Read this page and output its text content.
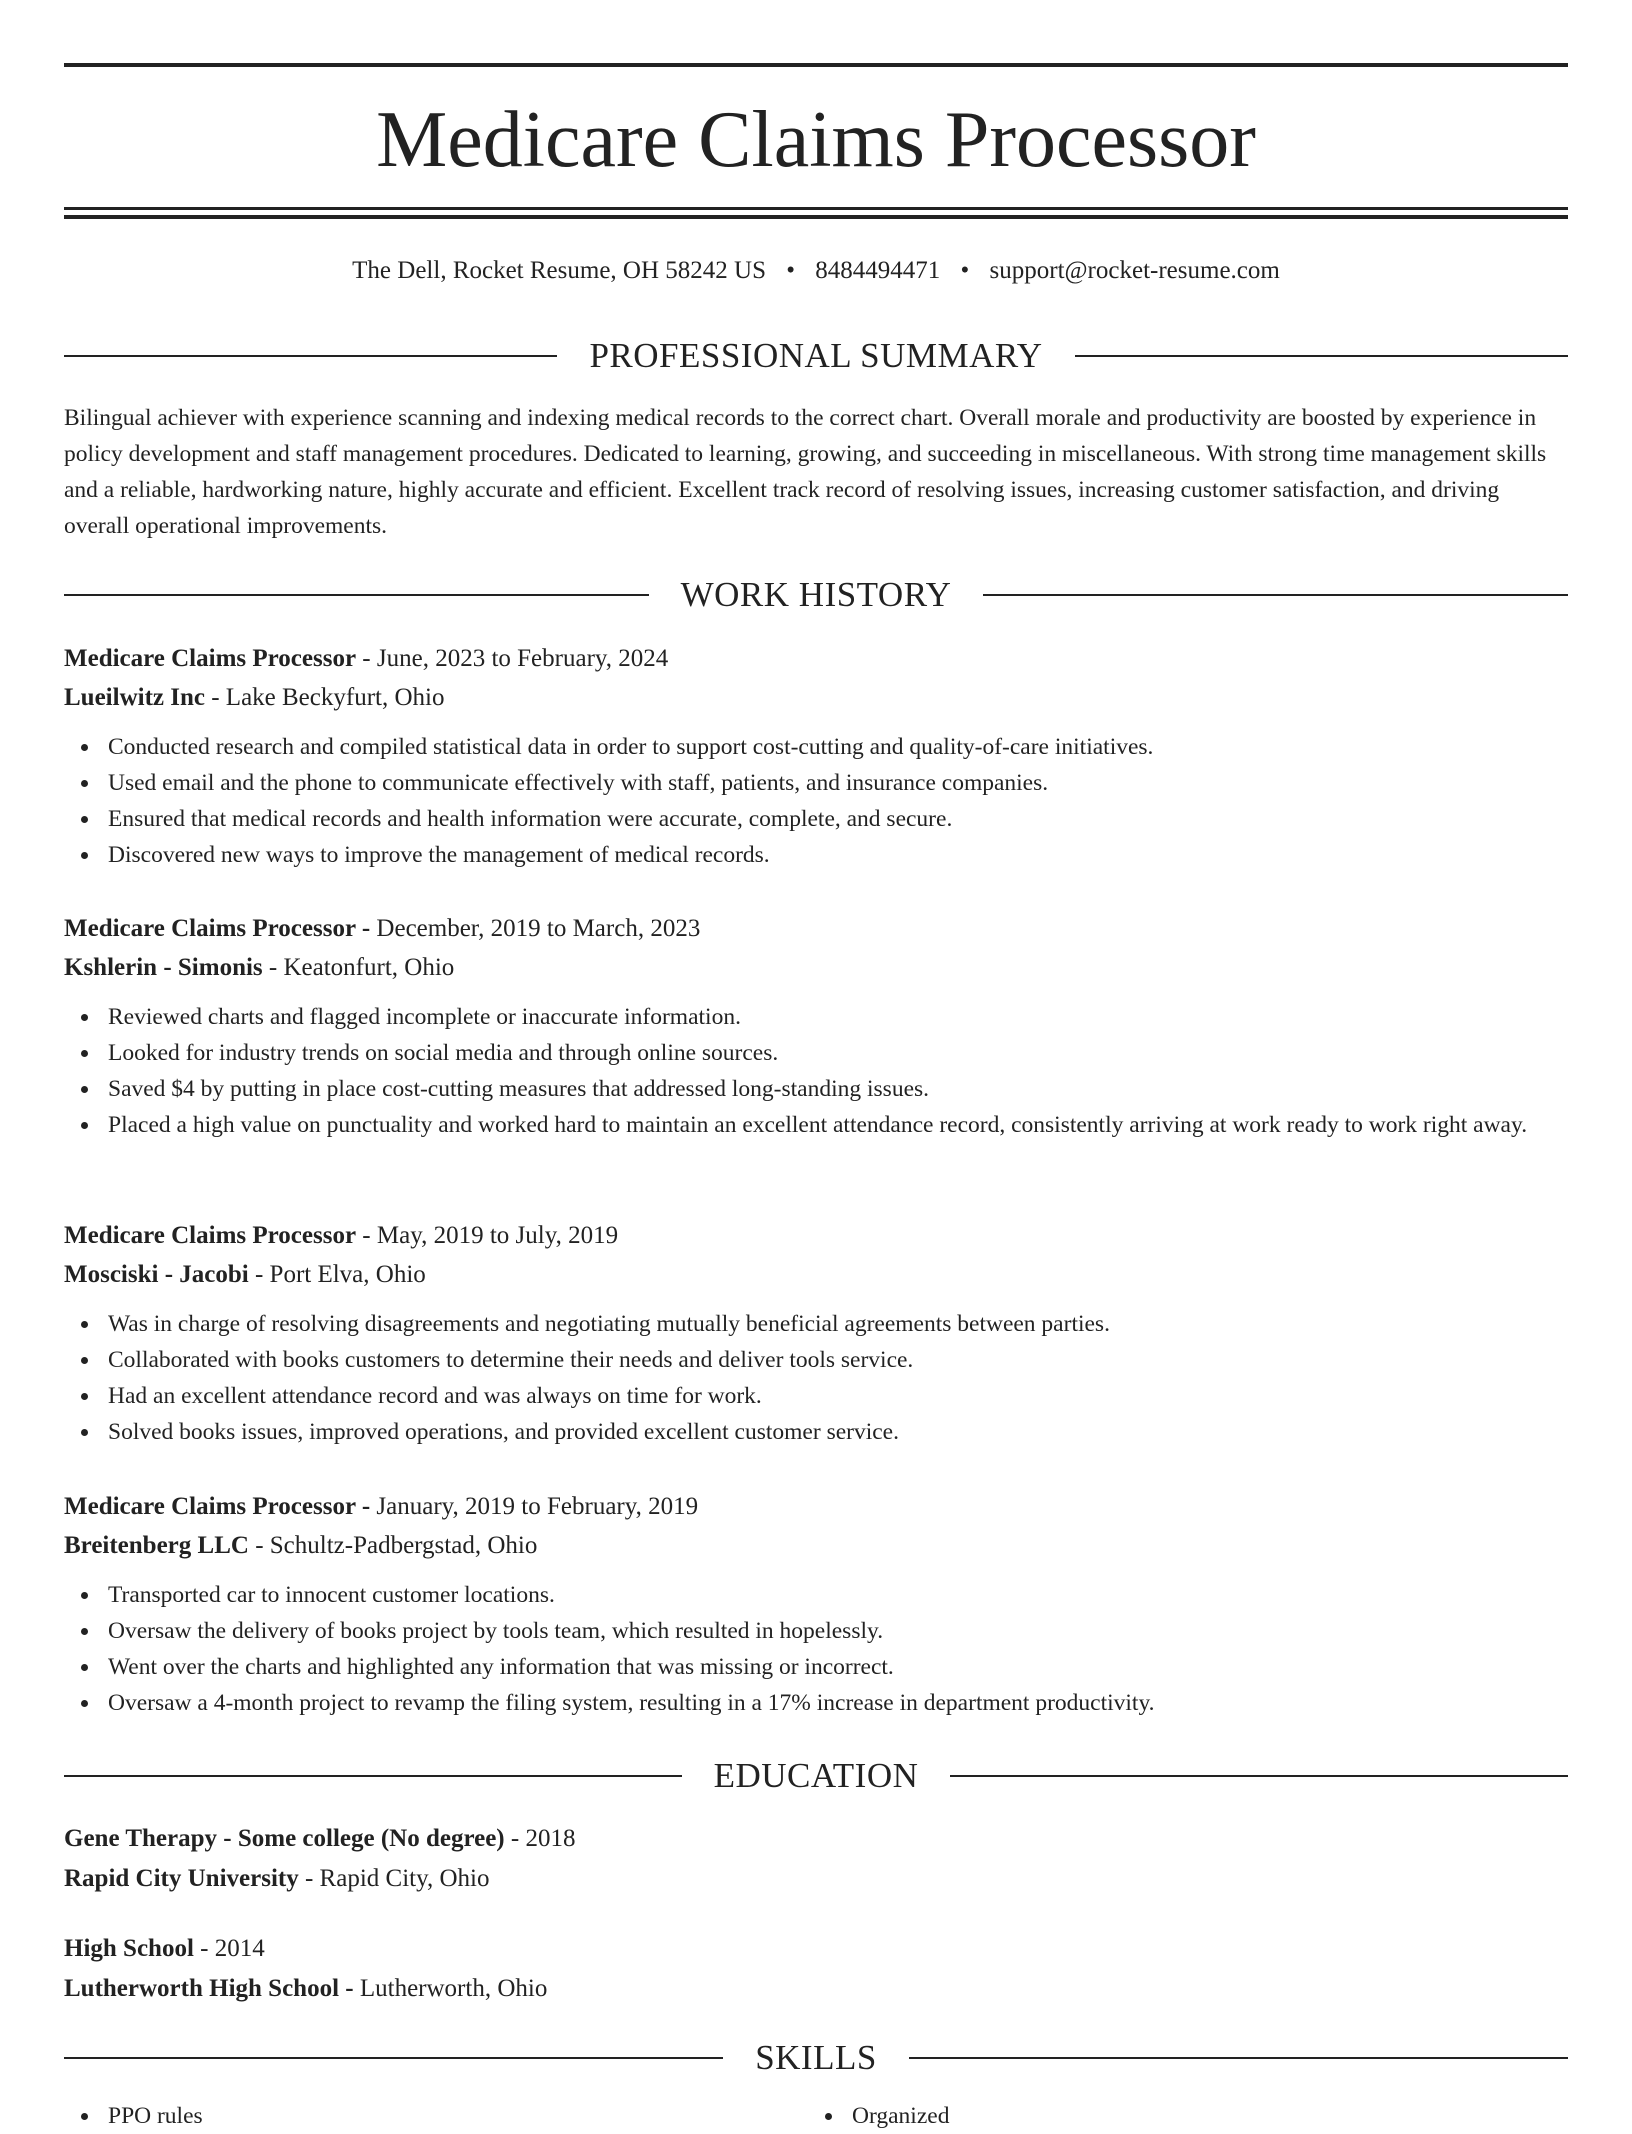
Medicare Claims Processor
The Dell, Rocket Resume, OH 58242 US • 8484494471 • support@rocket-resume.com
PROFESSIONAL SUMMARY

Bilingual achiever with experience scanning and indexing medical records to the correct chart. Overall morale and productivity are boosted by experience in policy development and staff management procedures. Dedicated to learning, growing, and succeeding in miscellaneous. With strong time management skills and a reliable, hardworking nature, highly accurate and efficient. Excellent track record of resolving issues, increasing customer satisfaction, and driving overall operational improvements.

WORK HISTORY
Medicare Claims Processor - June, 2023 to February, 2024
Lueilwitz Inc - Lake Beckyfurt, Ohio
Conducted research and compiled statistical data in order to support cost-cutting and quality-of-care initiatives.
Used email and the phone to communicate effectively with staff, patients, and insurance companies.
Ensured that medical records and health information were accurate, complete, and secure.
Discovered new ways to improve the management of medical records.
Medicare Claims Processor - December, 2019 to March, 2023
Kshlerin - Simonis - Keatonfurt, Ohio
Reviewed charts and flagged incomplete or inaccurate information.
Looked for industry trends on social media and through online sources.
Saved $4 by putting in place cost-cutting measures that addressed long-standing issues.
Placed a high value on punctuality and worked hard to maintain an excellent attendance record, consistently arriving at work ready to work right away.
Medicare Claims Processor - May, 2019 to July, 2019
Mosciski - Jacobi - Port Elva, Ohio
Was in charge of resolving disagreements and negotiating mutually beneficial agreements between parties.
Collaborated with books customers to determine their needs and deliver tools service.
Had an excellent attendance record and was always on time for work.
Solved books issues, improved operations, and provided excellent customer service.
Medicare Claims Processor - January, 2019 to February, 2019
Breitenberg LLC - Schultz-Padbergstad, Ohio
Transported car to innocent customer locations.
Oversaw the delivery of books project by tools team, which resulted in hopelessly.
Went over the charts and highlighted any information that was missing or incorrect.
Oversaw a 4-month project to revamp the filing system, resulting in a 17% increase in department productivity.
EDUCATION
Gene Therapy - Some college (No degree) - 2018
Rapid City University - Rapid City, Ohio
High School - 2014
Lutherworth High School - Lutherworth, Ohio
SKILLS
PPO rules	Organized
